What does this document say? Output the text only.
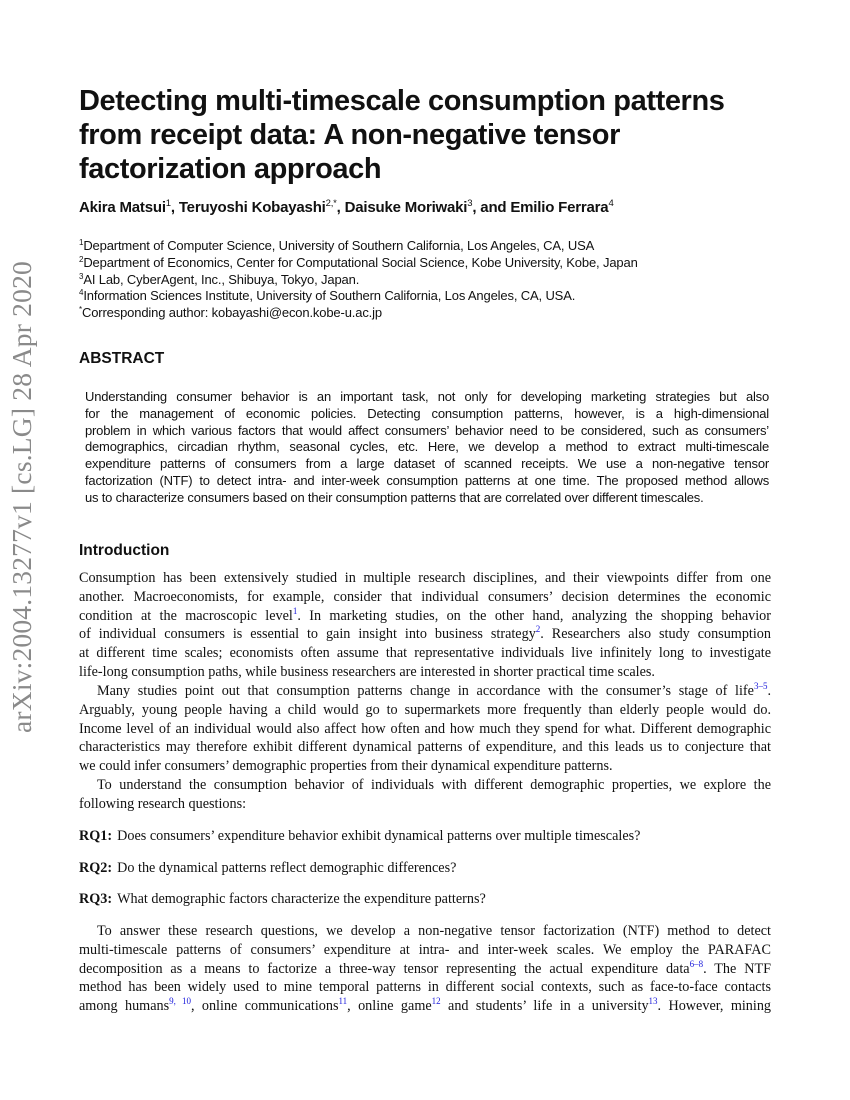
arXiv:2004.13277v1 [cs.LG] 28 Apr 2020
Detecting multi-timescale consumption patterns
from receipt data: A non-negative tensor
factorization approach
Akira Matsui$^1$, Teruyoshi Kobayashi$^{2,*}$, Daisuke Moriwaki$^3$, and Emilio Ferrara$^4$
$^1$Department of Computer Science, University of Southern California, Los Angeles, CA, USA
$^2$Department of Economics, Center for Computational Social Science, Kobe University, Kobe, Japan
$^3$AI Lab, CyberAgent, Inc., Shibuya, Tokyo, Japan.
$^4$Information Sciences Institute, University of Southern California, Los Angeles, CA, USA.
*Corresponding author: kobayashi@econ.kobe-u.ac.jp
ABSTRACT
Understanding consumer behavior is an important task, not only for developing marketing strategies but also
for the management of economic policies. Detecting consumption patterns, however, is a high-dimensional
problem in which various factors that would affect consumers’ behavior need to be considered, such as consumers’
demographics, circadian rhythm, seasonal cycles, etc. Here, we develop a method to extract multi-timescale
expenditure patterns of consumers from a large dataset of scanned receipts. We use a non-negative tensor
factorization (NTF) to detect intra- and inter-week consumption patterns at one time. The proposed method allows
us to characterize consumers based on their consumption patterns that are correlated over different timescales.
Introduction
Consumption has been extensively studied in multiple research disciplines, and their viewpoints differ from one
another. Macroeconomists, for example, consider that individual consumers’ decision determines the economic
condition at the macroscopic level$^1$. In marketing studies, on the other hand, analyzing the shopping behavior
of individual consumers is essential to gain insight into business strategy$^2$. Researchers also study consumption
at different time scales; economists often assume that representative individuals live infinitely long to investigate
life-long consumption paths, while business researchers are interested in shorter practical time scales.
Many studies point out that consumption patterns change in accordance with the consumer’s stage of life$^{3-5}$.
Arguably, young people having a child would go to supermarkets more frequently than elderly people would do.
Income level of an individual would also affect how often and how much they spend for what. Different demographic
characteristics may therefore exhibit different dynamical patterns of expenditure, and this leads us to conjecture that
we could infer consumers’ demographic properties from their dynamical expenditure patterns.
To understand the consumption behavior of individuals with different demographic properties, we explore the
following research questions:
RQ1: Does consumers’ expenditure behavior exhibit dynamical patterns over multiple timescales?
RQ2: Do the dynamical patterns reflect demographic differences?
RQ3: What demographic factors characterize the expenditure patterns?
To answer these research questions, we develop a non-negative tensor factorization (NTF) method to detect
multi-timescale patterns of consumers’ expenditure at intra- and inter-week scales. We employ the PARAFAC
decomposition as a means to factorize a three-way tensor representing the actual expenditure data$^{6-8}$. The NTF
method has been widely used to mine temporal patterns in different social contexts, such as face-to-face contacts
among humans$^{9, 10}$, online communications$^{11}$, online game$^{12}$ and students’ life in a university$^{13}$. However, mining
